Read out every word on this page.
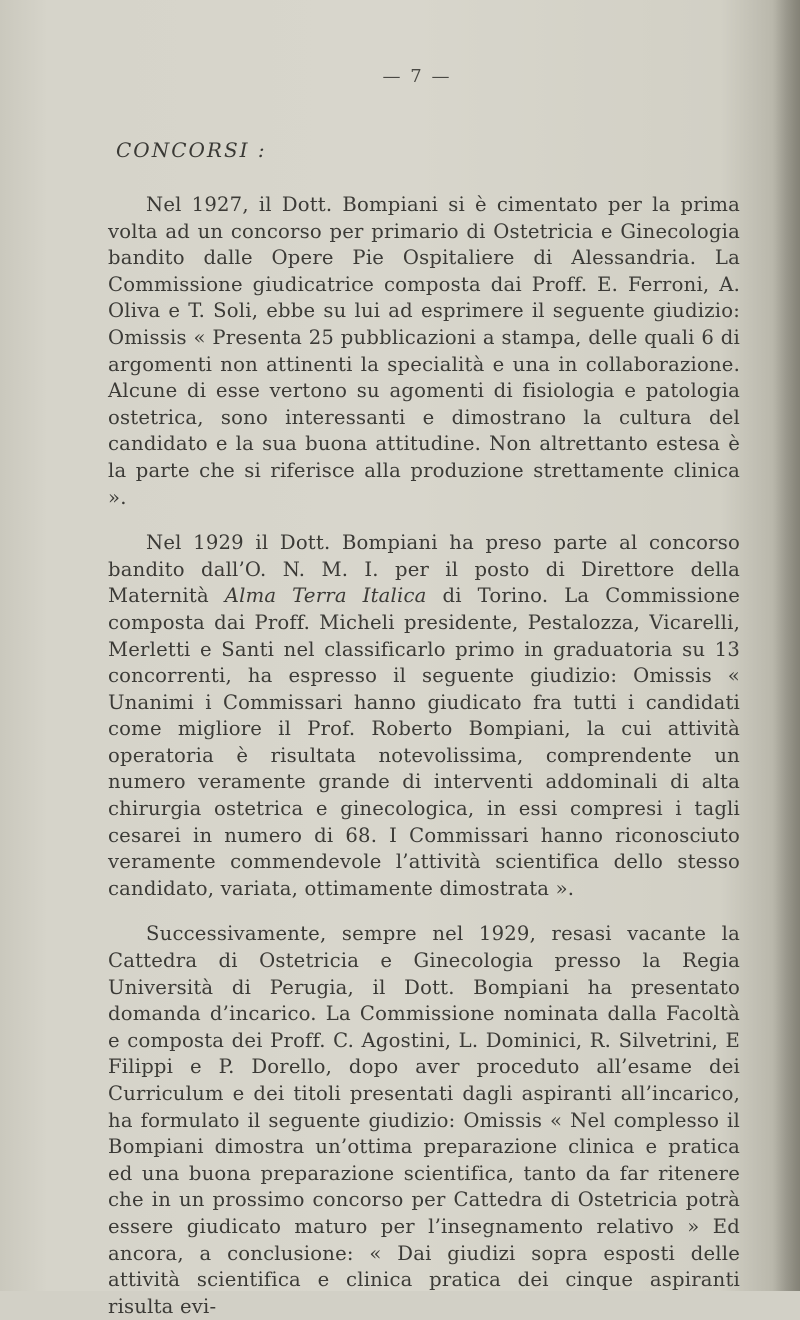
— 7 —
CONCORSI :

Nel 1927, il Dott. Bompiani si è cimentato per la prima volta ad un concorso per primario di Ostetricia e Ginecologia bandito dalle Opere Pie Ospitaliere di Alessandria. La Commissione giudicatrice composta dai Proff. E. Ferroni, A. Oliva e T. Soli, ebbe su lui ad esprimere il seguente giudizio: Omissis « Presenta 25 pubblicazioni a stampa, delle quali 6 di argomenti non attinenti la specialità e una in collaborazione. Alcune di esse vertono su agomenti di fisiologia e patologia ostetrica, sono interessanti e dimostrano la cultura del candidato e la sua buona attitudine. Non altrettanto estesa è la parte che si riferisce alla produzione strettamente clinica ».

Nel 1929 il Dott. Bompiani ha preso parte al concorso bandito dall’O. N. M. I. per il posto di Direttore della Maternità Alma Terra Italica di Torino. La Commissione composta dai Proff. Micheli presidente, Pestalozza, Vicarelli, Merletti e Santi nel classificarlo primo in graduatoria su 13 concorrenti, ha espresso il seguente giudizio: Omissis « Unanimi i Commissari hanno giudicato fra tutti i candidati come migliore il Prof. Roberto Bompiani, la cui attività operatoria è risultata notevolissima, comprendente un numero veramente grande di interventi addominali di alta chirurgia ostetrica e ginecologica, in essi compresi i tagli cesarei in numero di 68. I Commissari hanno riconosciuto veramente commendevole l’attività scientifica dello stesso candidato, variata, ottimamente dimostrata ».

Successivamente, sempre nel 1929, resasi vacante la Cattedra di Ostetricia e Ginecologia presso la Regia Università di Perugia, il Dott. Bompiani ha presentato domanda d’incarico. La Commissione nominata dalla Facoltà e composta dei Proff. C. Agostini, L. Dominici, R. Silvetrini, E Filippi e P. Dorello, dopo aver proceduto all’esame dei Curriculum e dei titoli presentati dagli aspiranti all’incarico, ha formulato il seguente giudizio: Omissis « Nel complesso il Bompiani dimostra un’ottima preparazione clinica e pratica ed una buona preparazione scientifica, tanto da far ritenere che in un prossimo concorso per Cattedra di Ostetricia potrà essere giudicato maturo per l’insegnamento relativo » Ed ancora, a conclusione: « Dai giudizi sopra esposti delle attività scientifica e clinica pratica dei cinque aspiranti risulta evi-
